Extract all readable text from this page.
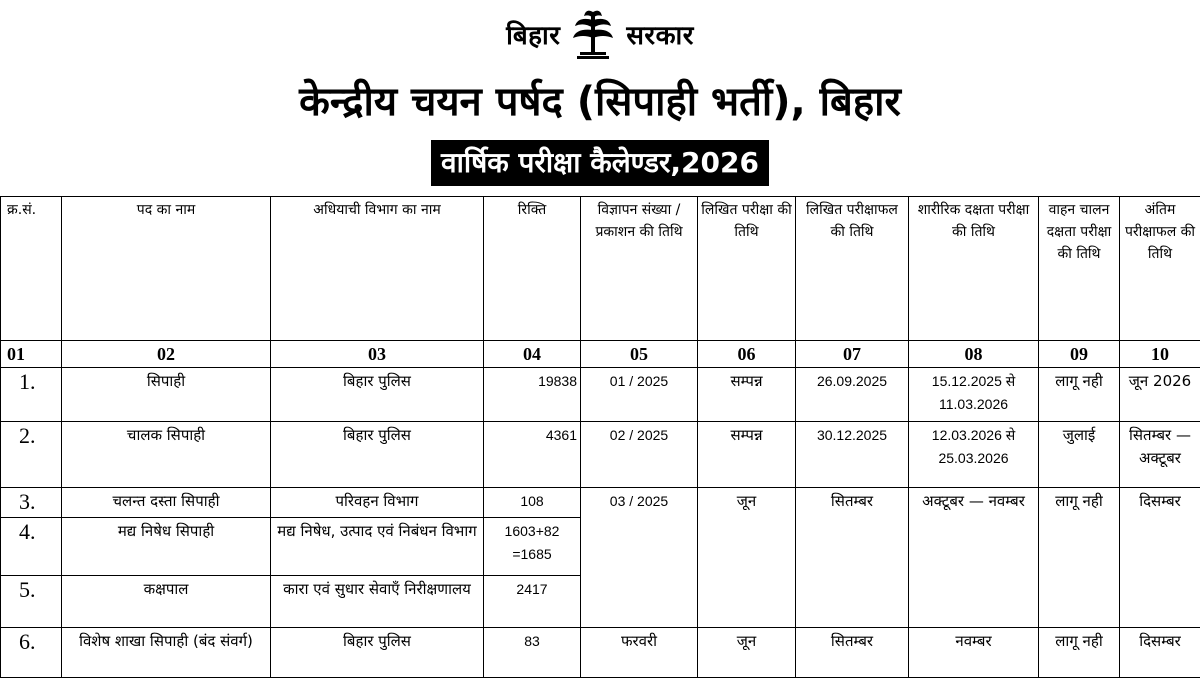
बिहार	सरकार
केन्द्रीय चयन पर्षद (सिपाही भर्ती), बिहार
वार्षिक परीक्षा कैलेण्डर,2026
क्र.सं.	पद का नाम	अधियाची विभाग का नाम	रिक्ति	विज्ञापन संख्या / प्रकाशन की तिथि	लिखित परीक्षा की तिथि	लिखित परीक्षाफल की तिथि	शारीरिक दक्षता परीक्षा की तिथि	वाहन चालन दक्षता परीक्षा की तिथि	अंतिम परीक्षाफल की तिथि
01	02	03	04	05	06	07	08	09	10
1.	सिपाही	बिहार पुलिस	19838	01 / 2025	सम्पन्न	26.09.2025	15.12.2025 से 11.03.2026	लागू नही	जून 2026
2.	चालक सिपाही	बिहार पुलिस	4361	02 / 2025	सम्पन्न	30.12.2025	12.03.2026 से 25.03.2026	जुलाई	सितम्बर — अक्टूबर
3.	चलन्त दस्ता सिपाही	परिवहन विभाग	108	03 / 2025	जून	सितम्बर	अक्टूबर — नवम्बर	लागू नही	दिसम्बर
4.	मद्य निषेध सिपाही	मद्य निषेध, उत्पाद एवं निबंधन विभाग	1603+82 =1685						
5.	कक्षपाल	कारा एवं सुधार सेवाएँ निरीक्षणालय	2417						
6.	विशेष शाखा सिपाही (बंद संवर्ग)	बिहार पुलिस	83	फरवरी	जून	सितम्बर	नवम्बर	लागू नही	दिसम्बर
